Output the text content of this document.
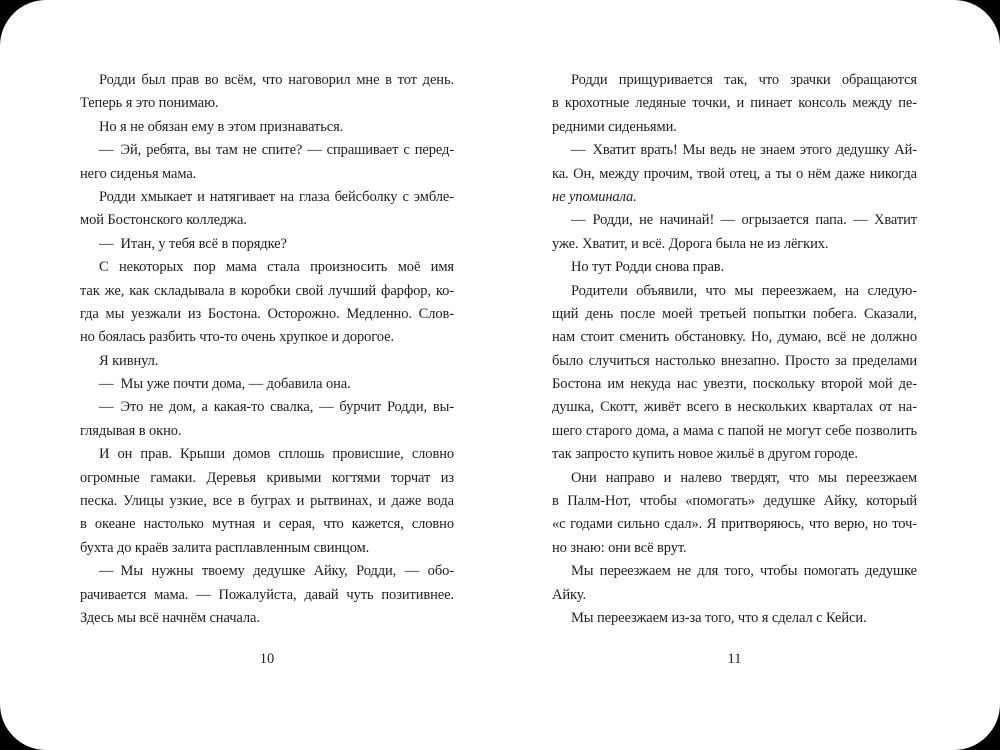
Родди был прав во всём, что наговорил мне в тот день.
Теперь я это понимаю.
Но я не обязан ему в этом признаваться.
— Эй, ребята, вы там не спите? — спрашивает с перед-
него сиденья мама.
Родди хмыкает и натягивает на глаза бейсболку с эмбле-
мой Бостонского колледжа.
— Итан, у тебя всё в порядке?
С некоторых пор мама стала произносить моё имя
так же, как складывала в коробки свой лучший фарфор, ко-
гда мы уезжали из Бостона. Осторожно. Медленно. Слов-
но боялась разбить что-то очень хрупкое и дорогое.
Я кивнул.
— Мы уже почти дома, — добавила она.
— Это не дом, а какая-то свалка, — бурчит Родди, вы-
глядывая в окно.
И он прав. Крыши домов сплошь провисшие, словно
огромные гамаки. Деревья кривыми когтями торчат из
песка. Улицы узкие, все в буграх и рытвинах, и даже вода
в океане настолько мутная и серая, что кажется, словно
бухта до краёв залита расплавленным свинцом.
— Мы нужны твоему дедушке Айку, Родди, — обо-
рачивается мама. — Пожалуйста, давай чуть позитивнее.
Здесь мы всё начнём сначала.
10
Родди прищуривается так, что зрачки обращаются
в крохотные ледяные точки, и пинает консоль между пе-
редними сиденьями.
— Хватит врать! Мы ведь не знаем этого дедушку Ай-
ка. Он, между прочим, твой отец, а ты о нём даже никогда
не упоминала.
— Родди, не начинай! — огрызается папа. — Хватит
уже. Хватит, и всё. Дорога была не из лёгких.
Но тут Родди снова прав.
Родители объявили, что мы переезжаем, на следую-
щий день после моей третьей попытки побега. Сказали,
нам стоит сменить обстановку. Но, думаю, всё не должно
было случиться настолько внезапно. Просто за пределами
Бостона им некуда нас увезти, поскольку второй мой де-
душка, Скотт, живёт всего в нескольких кварталах от на-
шего старого дома, а мама с папой не могут себе позволить
так запросто купить новое жильё в другом городе.
Они направо и налево твердят, что мы переезжаем
в Палм-Нот, чтобы «помогать» дедушке Айку, который
«с годами сильно сдал». Я притворяюсь, что верю, но точ-
но знаю: они всё врут.
Мы переезжаем не для того, чтобы помогать дедушке
Айку.
Мы переезжаем из-за того, что я сделал с Кейси.
11
